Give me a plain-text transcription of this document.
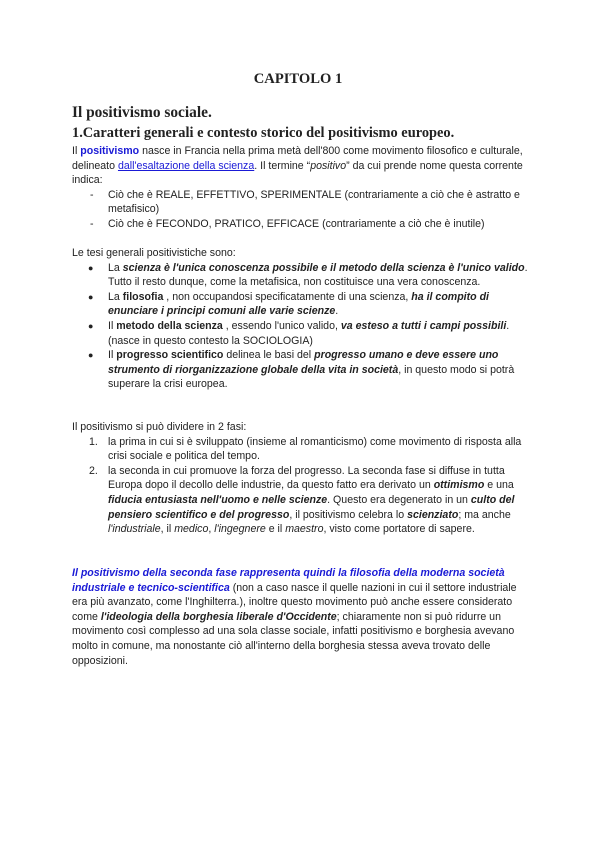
CAPITOLO 1
Il positivismo sociale.
1.Caratteri generali e contesto storico del positivismo europeo.

Il positivismo nasce in Francia nella prima metà dell'800 come movimento filosofico e culturale, delineato dall'esaltazione della scienza. Il termine “positivo” da cui prende nome questa corrente indica:

- Ciò che è REALE, EFFETTIVO, SPERIMENTALE (contrariamente a ciò che è astratto e metafisico)
- Ciò che è FECONDO, PRATICO, EFFICACE (contrariamente a ciò che è inutile)

Le tesi generali positivistiche sono:

● La scienza è l'unica conoscenza possibile e il metodo della scienza è l'unico valido. Tutto il resto dunque, come la metafisica, non costituisce una vera conoscenza.
● La filosofia , non occupandosi specificatamente di una scienza, ha il compito di enunciare i principi comuni alle varie scienze.
● Il metodo della scienza , essendo l'unico valido, va esteso a tutti i campi possibili. (nasce in questo contesto la SOCIOLOGIA)
● Il progresso scientifico delinea le basi del progresso umano e deve essere uno strumento di riorganizzazione globale della vita in società, in questo modo si potrà superare la crisi europea.

Il positivismo si può dividere in 2 fasi:

1. la prima in cui si è sviluppato (insieme al romanticismo) come movimento di risposta alla crisi sociale e politica del tempo.
2. la seconda in cui promuove la forza del progresso. La seconda fase si diffuse in tutta Europa dopo il decollo delle industrie, da questo fatto era derivato un ottimismo e una fiducia entusiasta nell'uomo e nelle scienze. Questo era degenerato in un culto del pensiero scientifico e del progresso, il positivismo celebra lo scienziato; ma anche l'industriale, il medico, l'ingegnere e il maestro, visto come portatore di sapere.

Il positivismo della seconda fase rappresenta quindi la filosofia della moderna società industriale e tecnico-scientifica (non a caso nasce il quelle nazioni in cui il settore industriale era più avanzato, come l'Inghilterra.), inoltre questo movimento può anche essere considerato come l'ideologia della borghesia liberale d'Occidente; chiaramente non si può ridurre un movimento così complesso ad una sola classe sociale, infatti positivismo e borghesia avevano molto in comune, ma nonostante ciò all'interno della borghesia stessa aveva trovato delle opposizioni.
